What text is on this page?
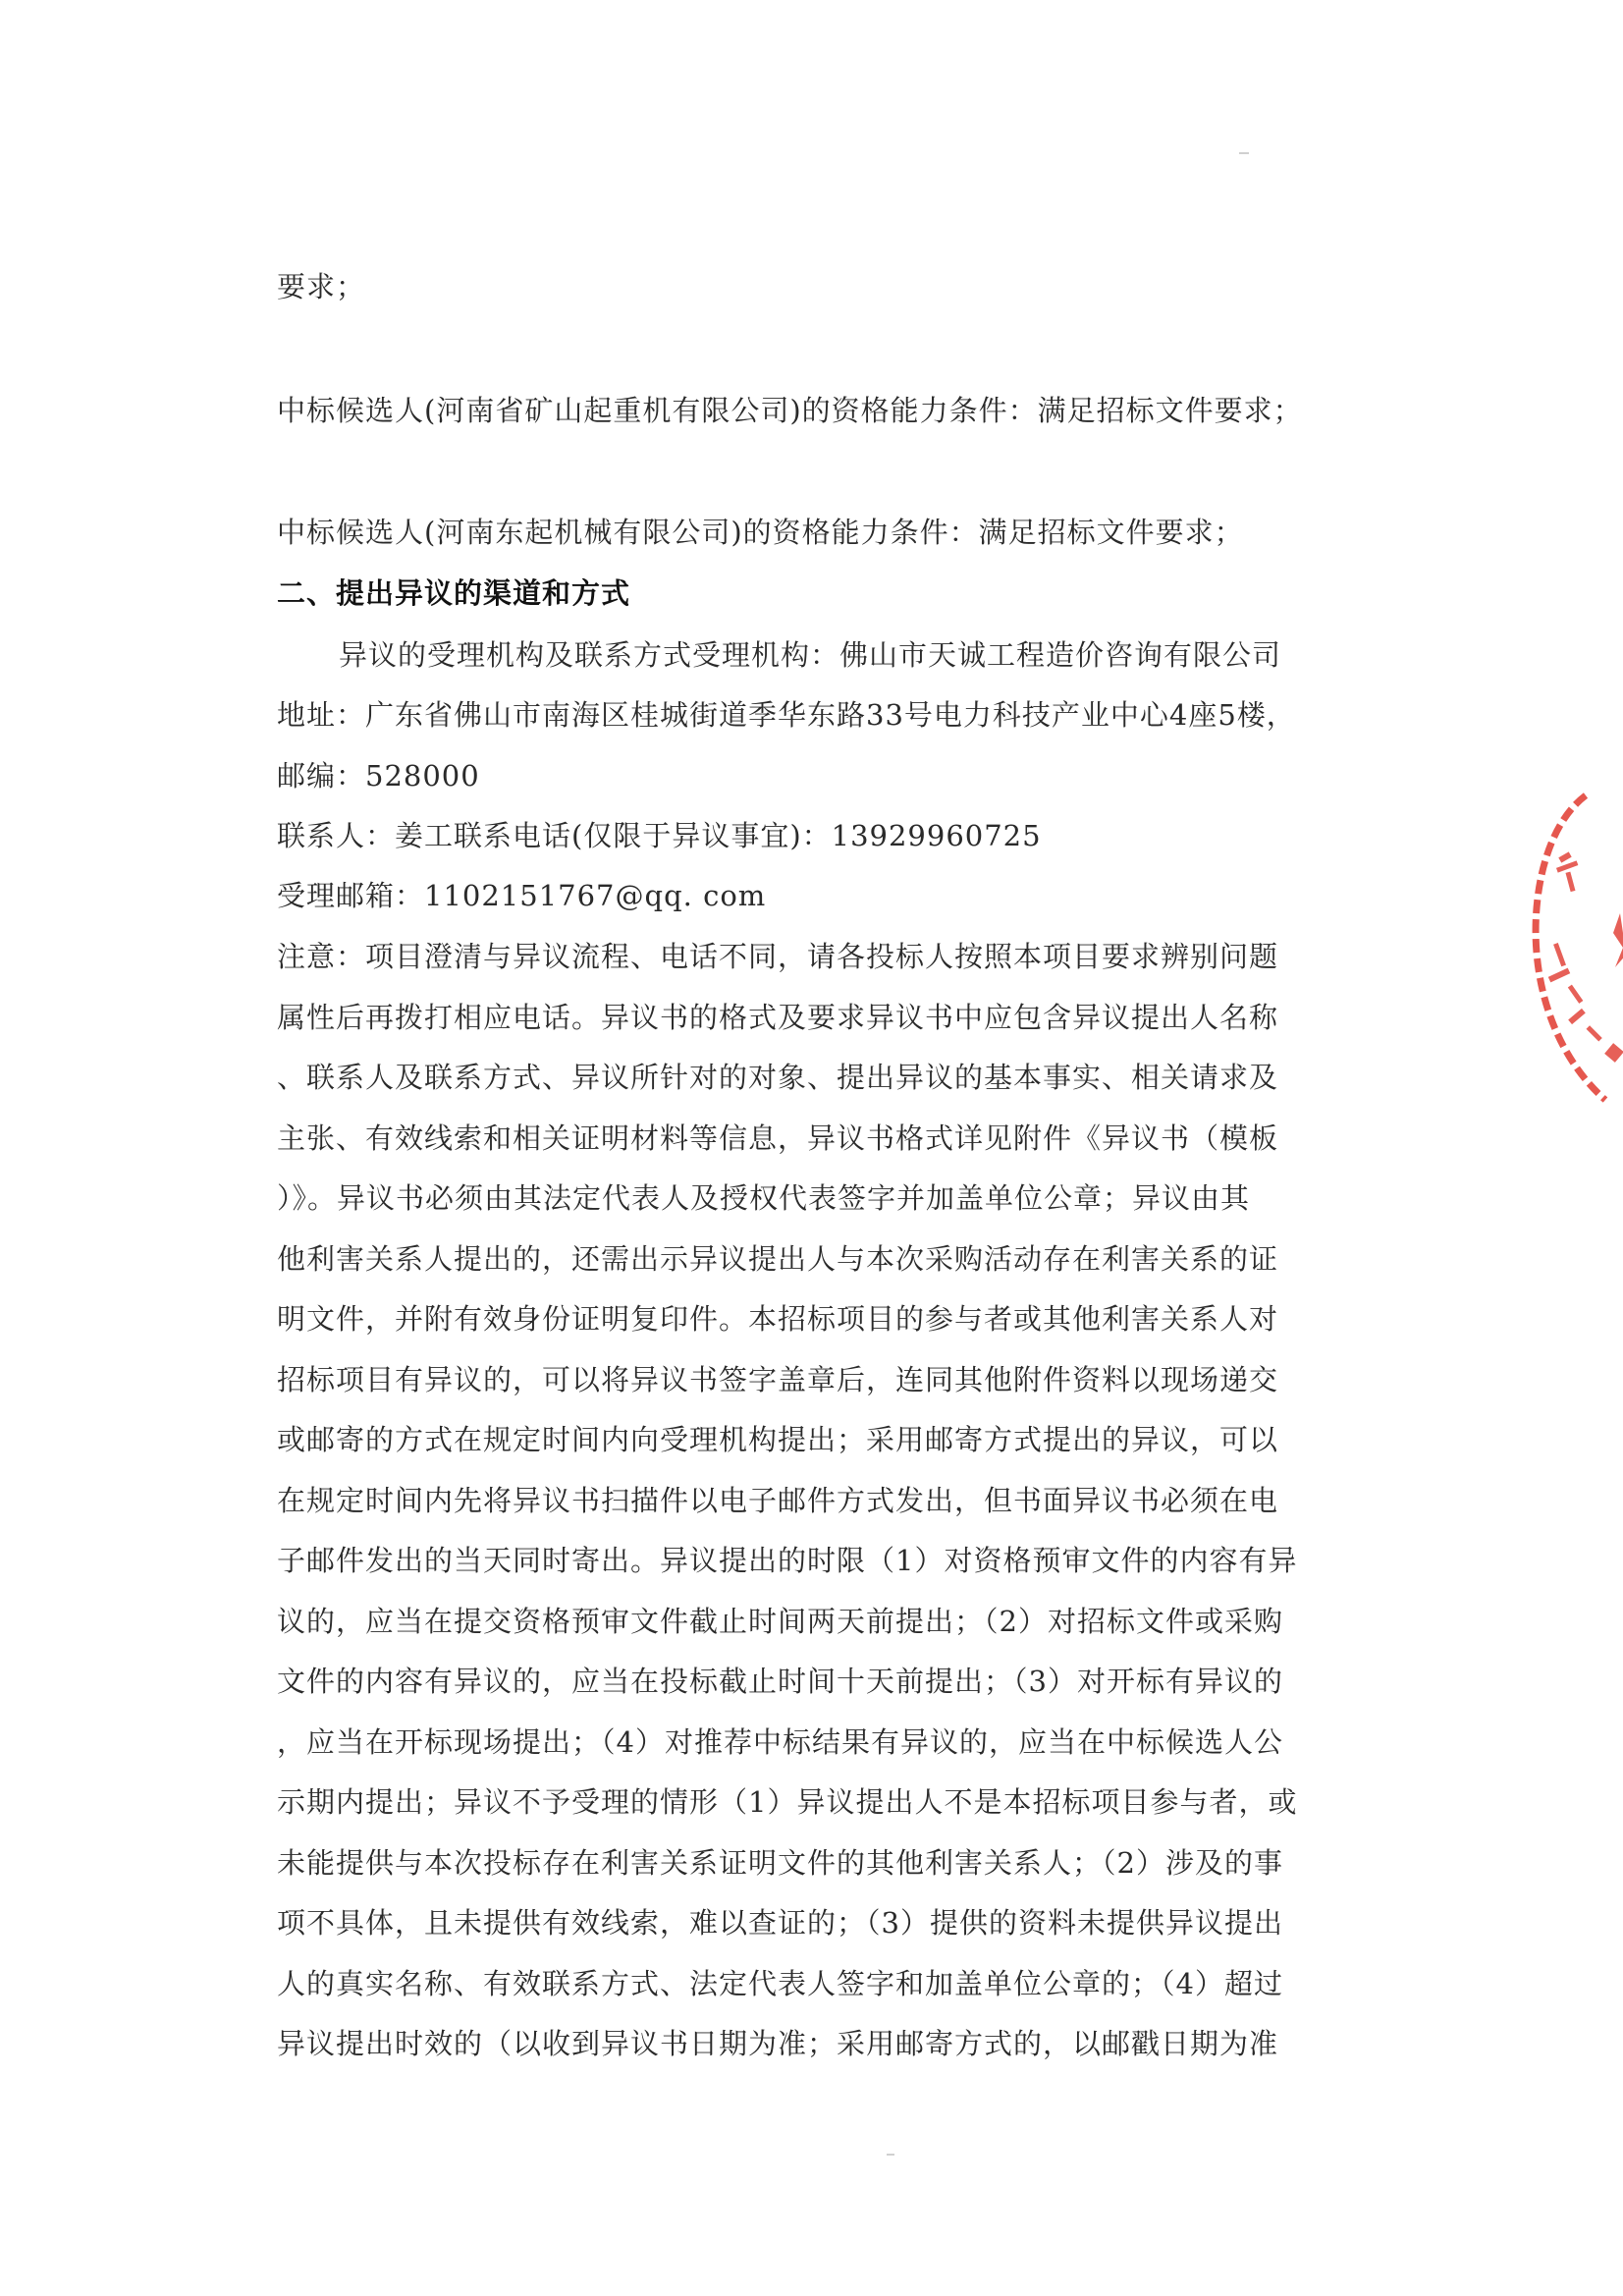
要求；
中标候选人(河南省矿山起重机有限公司)的资格能力条件：满足招标文件要求；
中标候选人(河南东起机械有限公司)的资格能力条件：满足招标文件要求；
二、提出异议的渠道和方式
异议的受理机构及联系方式受理机构：佛山市天诚工程造价咨询有限公司
地址：广东省佛山市南海区桂城街道季华东路33号电力科技产业中心4座5楼，
邮编：528000
联系人：姜工联系电话(仅限于异议事宜)：13929960725
受理邮箱：1102151767@qq. com
注意：项目澄清与异议流程、电话不同，请各投标人按照本项目要求辨别问题
属性后再拨打相应电话。异议书的格式及要求异议书中应包含异议提出人名称
、联系人及联系方式、异议所针对的对象、提出异议的基本事实、相关请求及
主张、有效线索和相关证明材料等信息，异议书格式详见附件《异议书（模板
）》。异议书必须由其法定代表人及授权代表签字并加盖单位公章；异议由其
他利害关系人提出的，还需出示异议提出人与本次采购活动存在利害关系的证
明文件，并附有效身份证明复印件。本招标项目的参与者或其他利害关系人对
招标项目有异议的，可以将异议书签字盖章后，连同其他附件资料以现场递交
或邮寄的方式在规定时间内向受理机构提出；采用邮寄方式提出的异议，可以
在规定时间内先将异议书扫描件以电子邮件方式发出，但书面异议书必须在电
子邮件发出的当天同时寄出。异议提出的时限（1）对资格预审文件的内容有异
议的，应当在提交资格预审文件截止时间两天前提出；（2）对招标文件或采购
文件的内容有异议的，应当在投标截止时间十天前提出；（3）对开标有异议的
，应当在开标现场提出；（4）对推荐中标结果有异议的，应当在中标候选人公
示期内提出；异议不予受理的情形（1）异议提出人不是本招标项目参与者，或
未能提供与本次投标存在利害关系证明文件的其他利害关系人；（2）涉及的事
项不具体，且未提供有效线索，难以查证的；（3）提供的资料未提供异议提出
人的真实名称、有效联系方式、法定代表人签字和加盖单位公章的；（4）超过
异议提出时效的（以收到异议书日期为准；采用邮寄方式的，以邮戳日期为准
